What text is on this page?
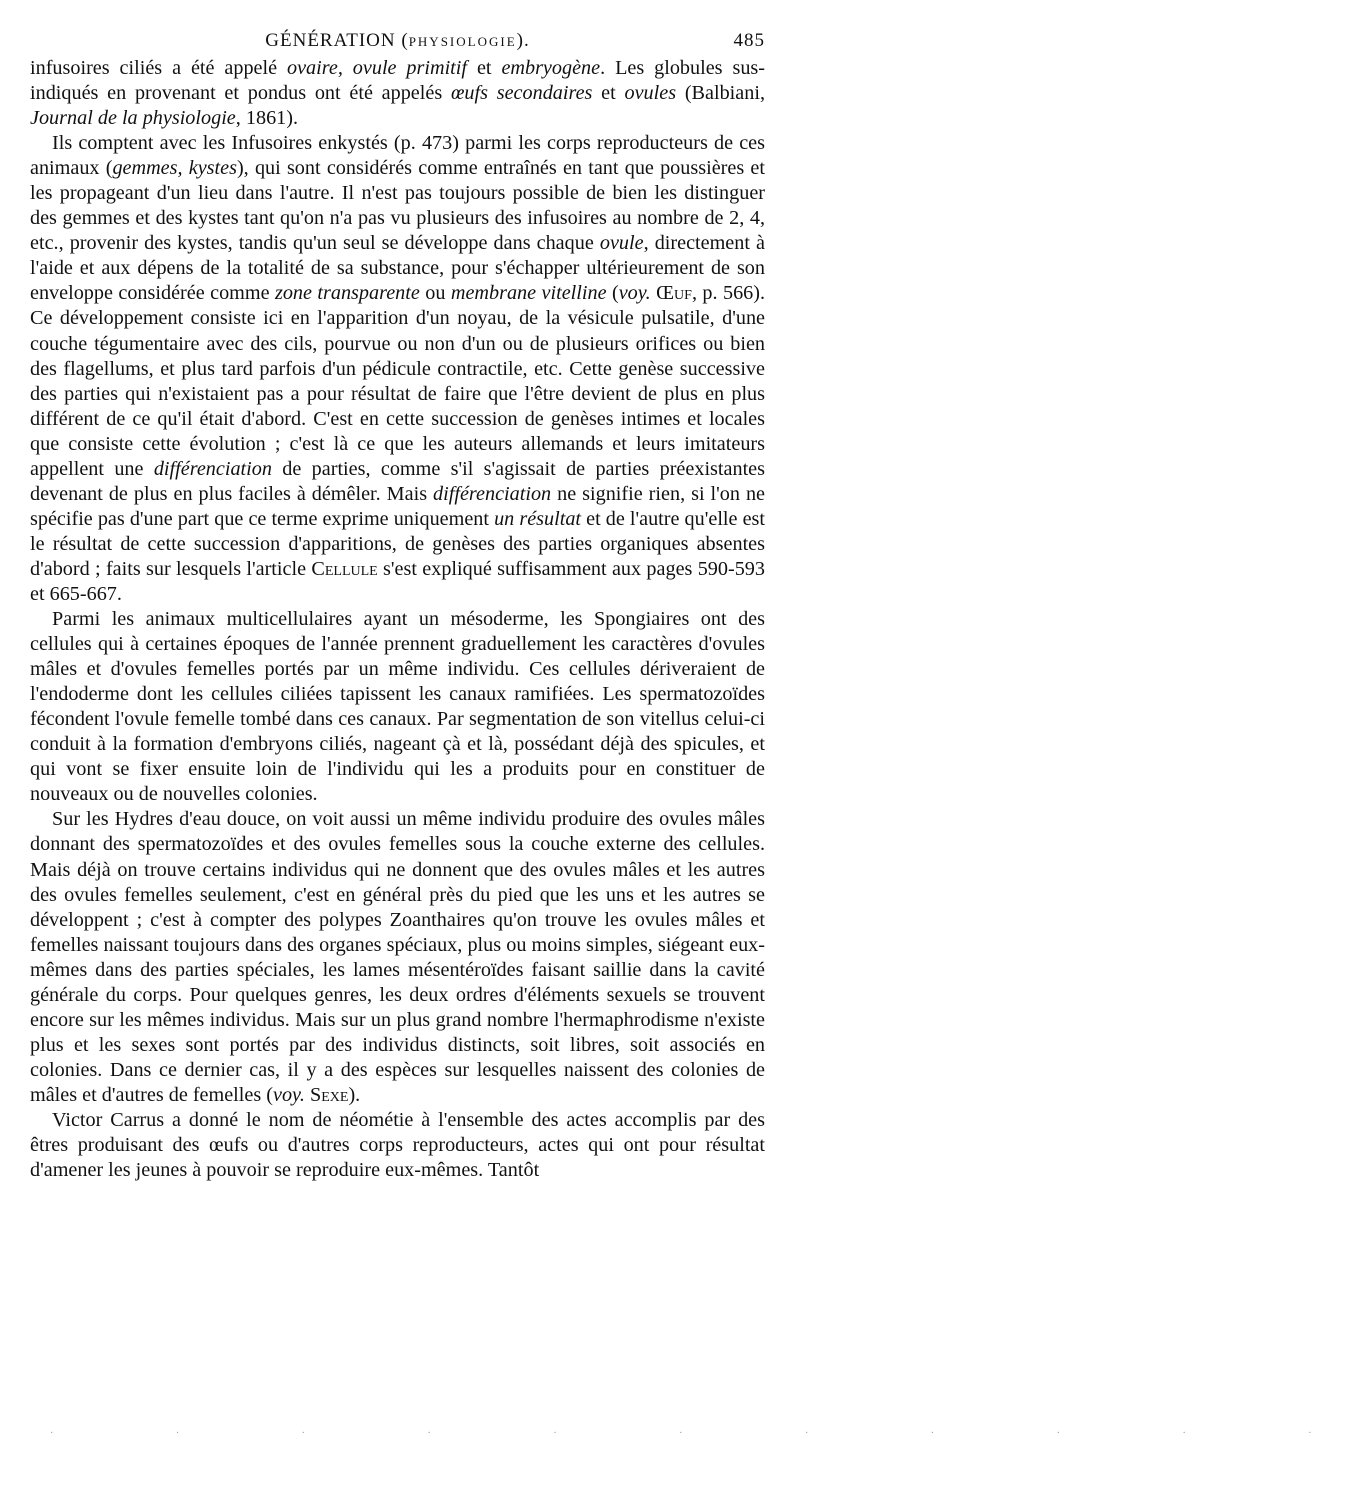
GÉNÉRATION (PHYSIOLOGIE).	485

infusoires ciliés a été appelé ovaire, ovule primitif et embryogène. Les globules sus-indiqués en provenant et pondus ont été appelés œufs secondaires et ovules (Balbiani, Journal de la physiologie, 1861).

Ils comptent avec les Infusoires enkystés (p. 473) parmi les corps reproducteurs de ces animaux (gemmes, kystes), qui sont considérés comme entraînés en tant que poussières et les propageant d'un lieu dans l'autre. Il n'est pas toujours possible de bien les distinguer des gemmes et des kystes tant qu'on n'a pas vu plusieurs des infusoires au nombre de 2, 4, etc., provenir des kystes, tandis qu'un seul se développe dans chaque ovule, directement à l'aide et aux dépens de la totalité de sa substance, pour s'échapper ultérieurement de son enveloppe considérée comme zone transparente ou membrane vitelline (voy. Œuf, p. 566). Ce développement consiste ici en l'apparition d'un noyau, de la vésicule pulsatile, d'une couche tégumentaire avec des cils, pourvue ou non d'un ou de plusieurs orifices ou bien des flagellums, et plus tard parfois d'un pédicule contractile, etc. Cette genèse successive des parties qui n'existaient pas a pour résultat de faire que l'être devient de plus en plus différent de ce qu'il était d'abord. C'est en cette succession de genèses intimes et locales que consiste cette évolution ; c'est là ce que les auteurs allemands et leurs imitateurs appellent une différenciation de parties, comme s'il s'agissait de parties préexistantes devenant de plus en plus faciles à démêler. Mais différenciation ne signifie rien, si l'on ne spécifie pas d'une part que ce terme exprime uniquement un résultat et de l'autre qu'elle est le résultat de cette succession d'apparitions, de genèses des parties organiques absentes d'abord ; faits sur lesquels l'article Cellule s'est expliqué suffisamment aux pages 590-593 et 665-667.

Parmi les animaux multicellulaires ayant un mésoderme, les Spongiaires ont des cellules qui à certaines époques de l'année prennent graduellement les caractères d'ovules mâles et d'ovules femelles portés par un même individu. Ces cellules dériveraient de l'endoderme dont les cellules ciliées tapissent les canaux ramifiées. Les spermatozoïdes fécondent l'ovule femelle tombé dans ces canaux. Par segmentation de son vitellus celui-ci conduit à la formation d'embryons ciliés, nageant çà et là, possédant déjà des spicules, et qui vont se fixer ensuite loin de l'individu qui les a produits pour en constituer de nouveaux ou de nouvelles colonies.

Sur les Hydres d'eau douce, on voit aussi un même individu produire des ovules mâles donnant des spermatozoïdes et des ovules femelles sous la couche externe des cellules. Mais déjà on trouve certains individus qui ne donnent que des ovules mâles et les autres des ovules femelles seulement, c'est en général près du pied que les uns et les autres se développent ; c'est à compter des polypes Zoanthaires qu'on trouve les ovules mâles et femelles naissant toujours dans des organes spéciaux, plus ou moins simples, siégeant eux-mêmes dans des parties spéciales, les lames mésentéroïdes faisant saillie dans la cavité générale du corps. Pour quelques genres, les deux ordres d'éléments sexuels se trouvent encore sur les mêmes individus. Mais sur un plus grand nombre l'hermaphrodisme n'existe plus et les sexes sont portés par des individus distincts, soit libres, soit associés en colonies. Dans ce dernier cas, il y a des espèces sur lesquelles naissent des colonies de mâles et d'autres de femelles (voy. Sexe).

Victor Carrus a donné le nom de néométie à l'ensemble des actes accomplis par des êtres produisant des œufs ou d'autres corps reproducteurs, actes qui ont pour résultat d'amener les jeunes à pouvoir se reproduire eux-mêmes. Tantôt

· · · · · · · · · · ·
